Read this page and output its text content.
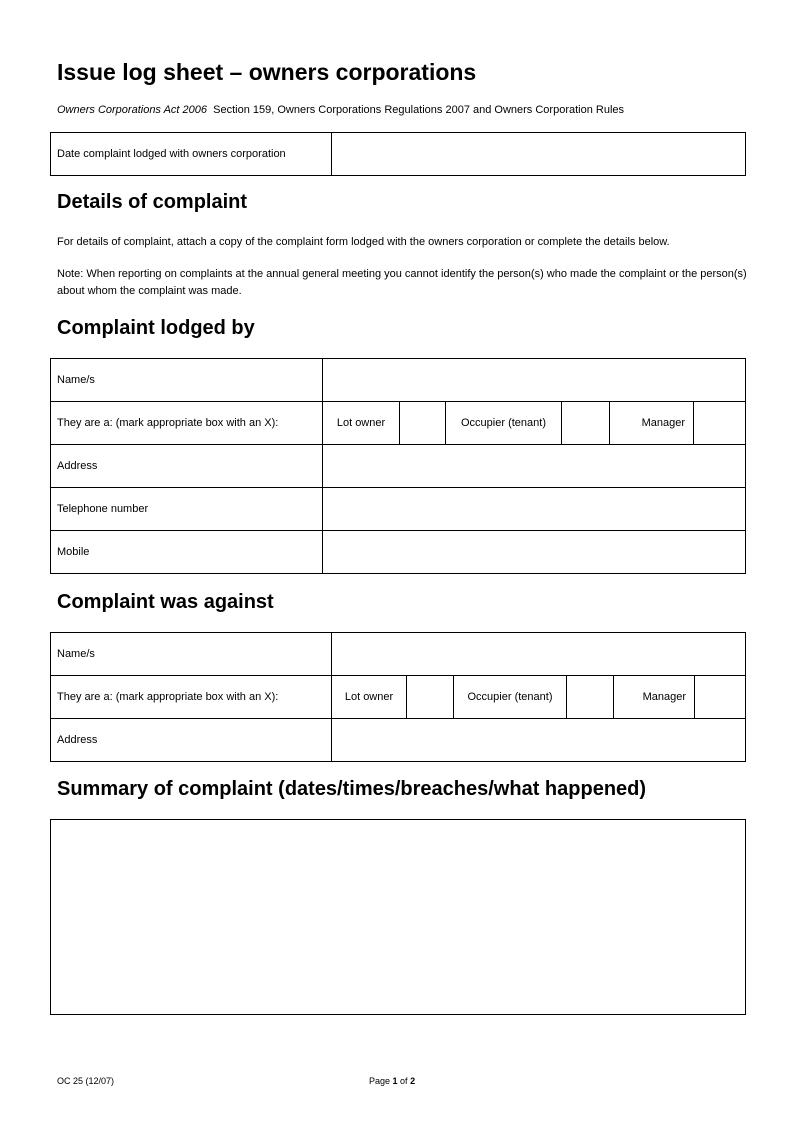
Issue log sheet – owners corporations
Owners Corporations Act 2006 Section 159, Owners Corporations Regulations 2007 and Owners Corporation Rules
Date complaint lodged with owners corporation	
Details of complaint
For details of complaint, attach a copy of the complaint form lodged with the owners corporation or complete the details below.
Note: When reporting on complaints at the annual general meeting you cannot identify the person(s) who made the complaint or the person(s) about whom the complaint was made.
Complaint lodged by
Name/s						
They are a: (mark appropriate box with an X):	Lot owner		Occupier (tenant)		Manager	
Address						
Telephone number						
Mobile						
Complaint was against
Name/s						
They are a: (mark appropriate box with an X):	Lot owner		Occupier (tenant)		Manager	
Address						
Summary of complaint (dates/times/breaches/what happened)
OC 25 (12/07)	Page 1 of 2
